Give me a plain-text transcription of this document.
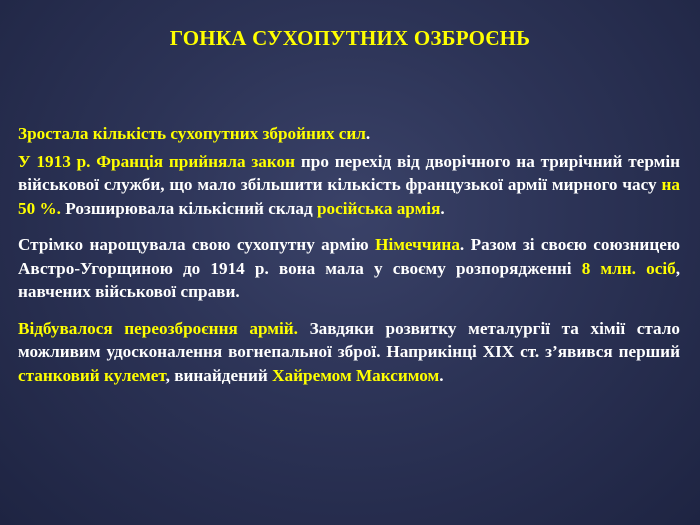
ГОНКА СУХОПУТНИХ ОЗБРОЄНЬ

Зростала кількість сухопутних збройних сил.

У 1913 р. Франція прийняла закон про перехід від дворічного на трирічний термін військової служби, що мало збільшити кількість французької армії мирного часу на 50 %. Розширювала кількісний склад російська армія.

Стрімко нарощувала свою сухопутну армію Німеччина. Разом зі своєю союзницею Австро-Угорщиною до 1914 р. вона мала у своєму розпорядженні 8 млн. осіб, навчених військової справи.

Відбувалося переозброєння армій. Завдяки розвитку металургії та хімії стало можливим удосконалення вогнепальної зброї. Наприкінці XIX ст. з’явився перший станковий кулемет, винайдений Хайремом Максимом.
